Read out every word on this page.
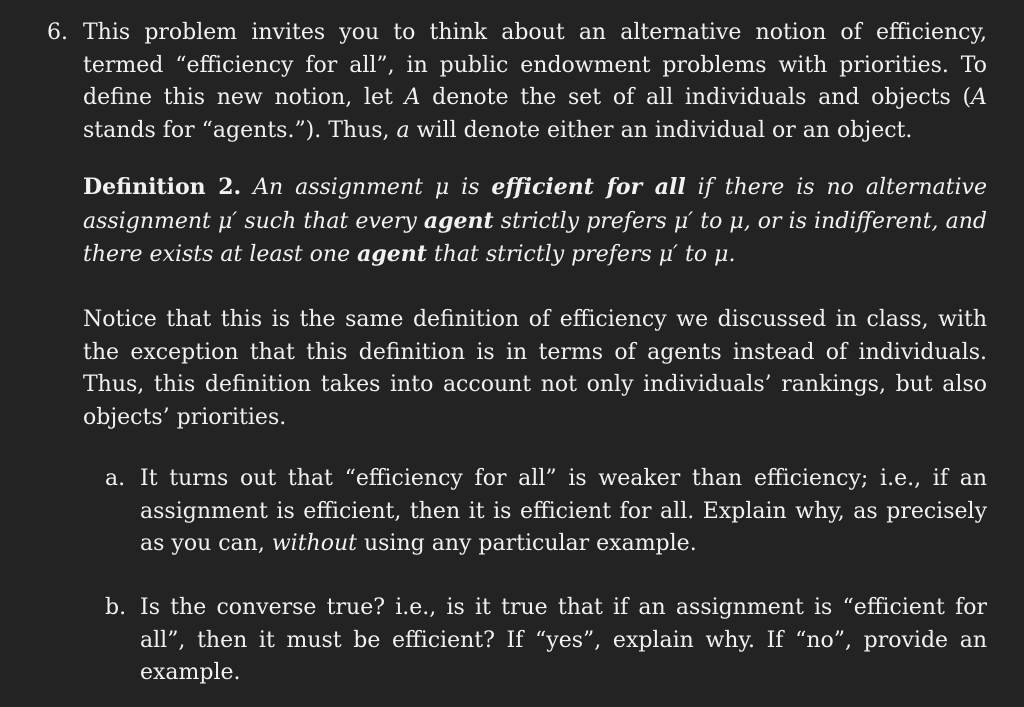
6. This problem invites you to think about an alternative notion of efficiency, termed “efficiency for all”, in public endowment problems with priorities. To define this new notion, let A denote the set of all individuals and objects (A stands for “agents.”). Thus, a will denote either an individual or an object.
Definition 2. An assignment μ is efficient for all if there is no alternative assignment μ′ such that every agent strictly prefers μ′ to μ, or is indifferent, and there exists at least one agent that strictly prefers μ′ to μ.
Notice that this is the same definition of efficiency we discussed in class, with the exception that this definition is in terms of agents instead of individuals. Thus, this definition takes into account not only individuals’ rankings, but also objects’ priorities.
a. It turns out that “efficiency for all” is weaker than efficiency; i.e., if an assignment is efficient, then it is efficient for all. Explain why, as precisely as you can, without using any particular example.
b. Is the converse true? i.e., is it true that if an assignment is “efficient for all”, then it must be efficient? If “yes”, explain why. If “no”, provide an example.
